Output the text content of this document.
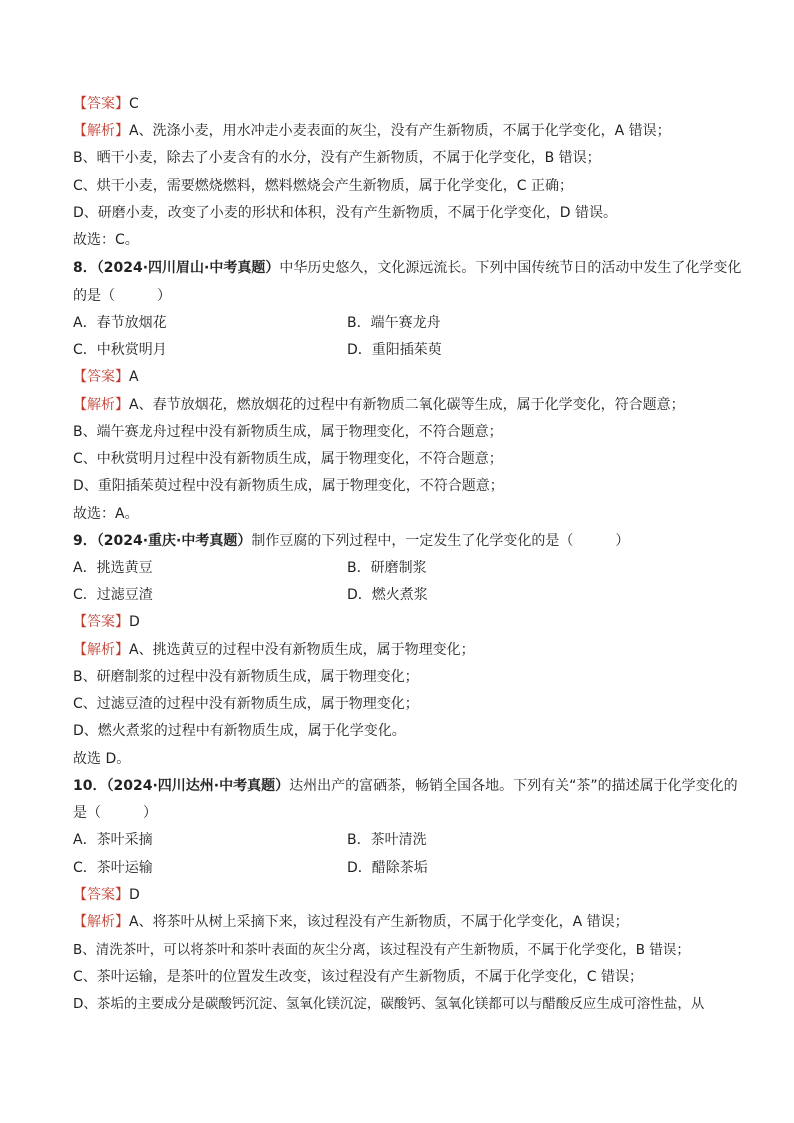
【答案】C
【解析】A、洗涤小麦，用水冲走小麦表面的灰尘，没有产生新物质，不属于化学变化，A 错误；
B、晒干小麦，除去了小麦含有的水分，没有产生新物质，不属于化学变化，B 错误；
C、烘干小麦，需要燃烧燃料，燃料燃烧会产生新物质，属于化学变化，C 正确；
D、研磨小麦，改变了小麦的形状和体积，没有产生新物质，不属于化学变化，D 错误。
故选：C。
8．（2024·四川眉山·中考真题）中华历史悠久，文化源远流长。下列中国传统节日的活动中发生了化学变化
的是（　　　）
A．春节放烟花	B．端午赛龙舟
C．中秋赏明月	D．重阳插茱萸
【答案】A
【解析】A、春节放烟花，燃放烟花的过程中有新物质二氧化碳等生成，属于化学变化，符合题意；
B、端午赛龙舟过程中没有新物质生成，属于物理变化，不符合题意；
C、中秋赏明月过程中没有新物质生成，属于物理变化，不符合题意；
D、重阳插茱萸过程中没有新物质生成，属于物理变化，不符合题意；
故选：A。
9．（2024·重庆·中考真题）制作豆腐的下列过程中，一定发生了化学变化的是（　　　）
A．挑选黄豆	B．研磨制浆
C．过滤豆渣	D．燃火煮浆
【答案】D
【解析】A、挑选黄豆的过程中没有新物质生成，属于物理变化；
B、研磨制浆的过程中没有新物质生成，属于物理变化；
C、过滤豆渣的过程中没有新物质生成，属于物理变化；
D、燃火煮浆的过程中有新物质生成，属于化学变化。
故选 D。
10．（2024·四川达州·中考真题）达州出产的富硒茶，畅销全国各地。下列有关“茶”的描述属于化学变化的
是（　　　）
A．茶叶采摘	B．茶叶清洗
C．茶叶运输	D．醋除茶垢
【答案】D
【解析】A、将茶叶从树上采摘下来，该过程没有产生新物质，不属于化学变化，A 错误；
B、清洗茶叶，可以将茶叶和茶叶表面的灰尘分离，该过程没有产生新物质，不属于化学变化，B 错误；
C、茶叶运输，是茶叶的位置发生改变，该过程没有产生新物质，不属于化学变化，C 错误；
D、茶垢的主要成分是碳酸钙沉淀、氢氧化镁沉淀，碳酸钙、氢氧化镁都可以与醋酸反应生成可溶性盐，从
